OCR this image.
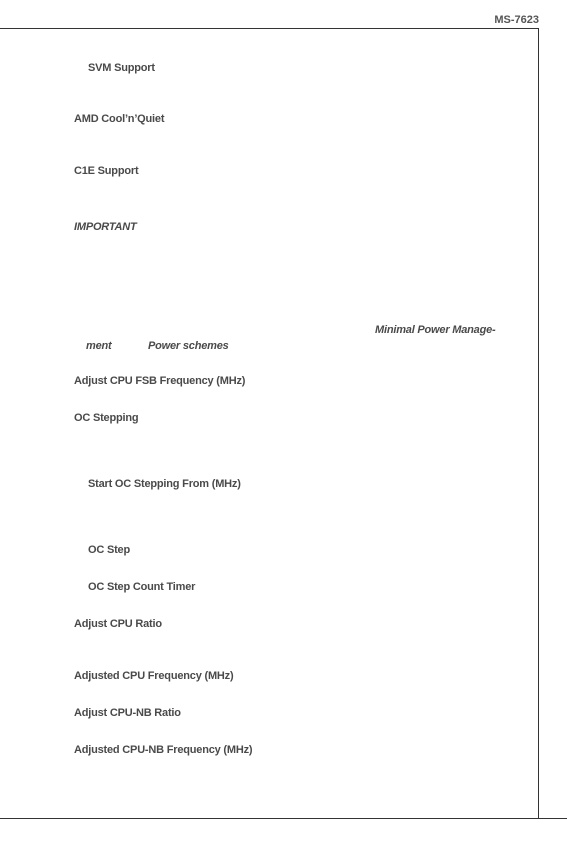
MS-7623
SVM Support
AMD Cool’n’Quiet
C1E Support
IMPORTANT
Minimal Power Manage-
ment	Power schemes
Adjust CPU FSB Frequency (MHz)
OC Stepping
Start OC Stepping From (MHz)
OC Step
OC Step Count Timer
Adjust CPU Ratio
Adjusted CPU Frequency (MHz)
Adjust CPU-NB Ratio
Adjusted CPU-NB Frequency (MHz)
